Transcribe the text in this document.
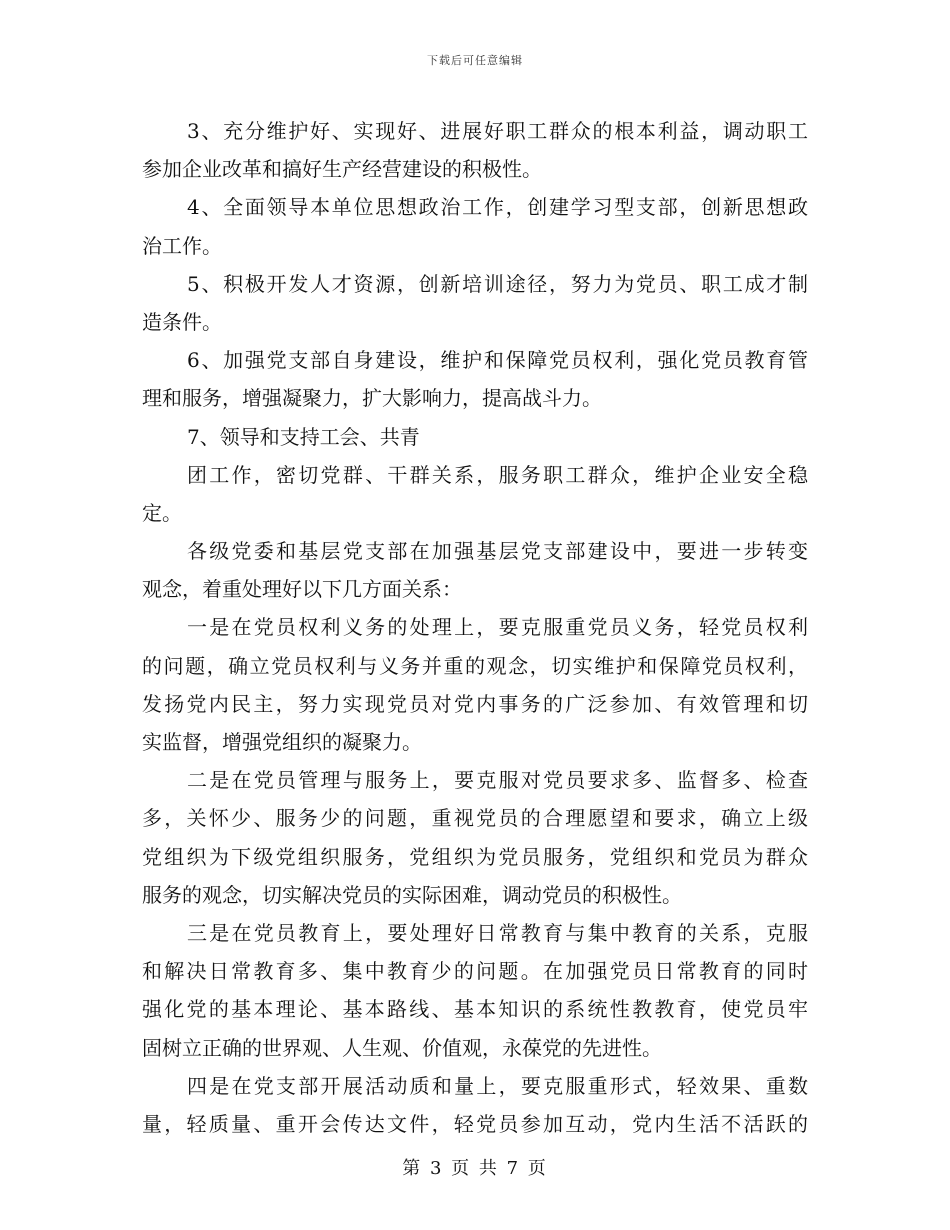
下载后可任意编辑
3、充分维护好、实现好、进展好职工群众的根本利益，调动职工
参加企业改革和搞好生产经营建设的积极性。
4、全面领导本单位思想政治工作，创建学习型支部，创新思想政
治工作。
5、积极开发人才资源，创新培训途径，努力为党员、职工成才制
造条件。
6、加强党支部自身建设，维护和保障党员权利，强化党员教育管
理和服务，增强凝聚力，扩大影响力，提高战斗力。
7、领导和支持工会、共青
团工作，密切党群、干群关系，服务职工群众，维护企业安全稳
定。
各级党委和基层党支部在加强基层党支部建设中，要进一步转变
观念，着重处理好以下几方面关系：
一是在党员权利义务的处理上，要克服重党员义务，轻党员权利
的问题，确立党员权利与义务并重的观念，切实维护和保障党员权利，
发扬党内民主，努力实现党员对党内事务的广泛参加、有效管理和切
实监督，增强党组织的凝聚力。
二是在党员管理与服务上，要克服对党员要求多、监督多、检查
多，关怀少、服务少的问题，重视党员的合理愿望和要求，确立上级
党组织为下级党组织服务，党组织为党员服务，党组织和党员为群众
服务的观念，切实解决党员的实际困难，调动党员的积极性。
三是在党员教育上，要处理好日常教育与集中教育的关系，克服
和解决日常教育多、集中教育少的问题。在加强党员日常教育的同时
强化党的基本理论、基本路线、基本知识的系统性教教育，使党员牢
固树立正确的世界观、人生观、价值观，永葆党的先进性。
四是在党支部开展活动质和量上，要克服重形式，轻效果、重数
量，轻质量、重开会传达文件，轻党员参加互动，党内生活不活跃的
第 3 页 共 7 页
